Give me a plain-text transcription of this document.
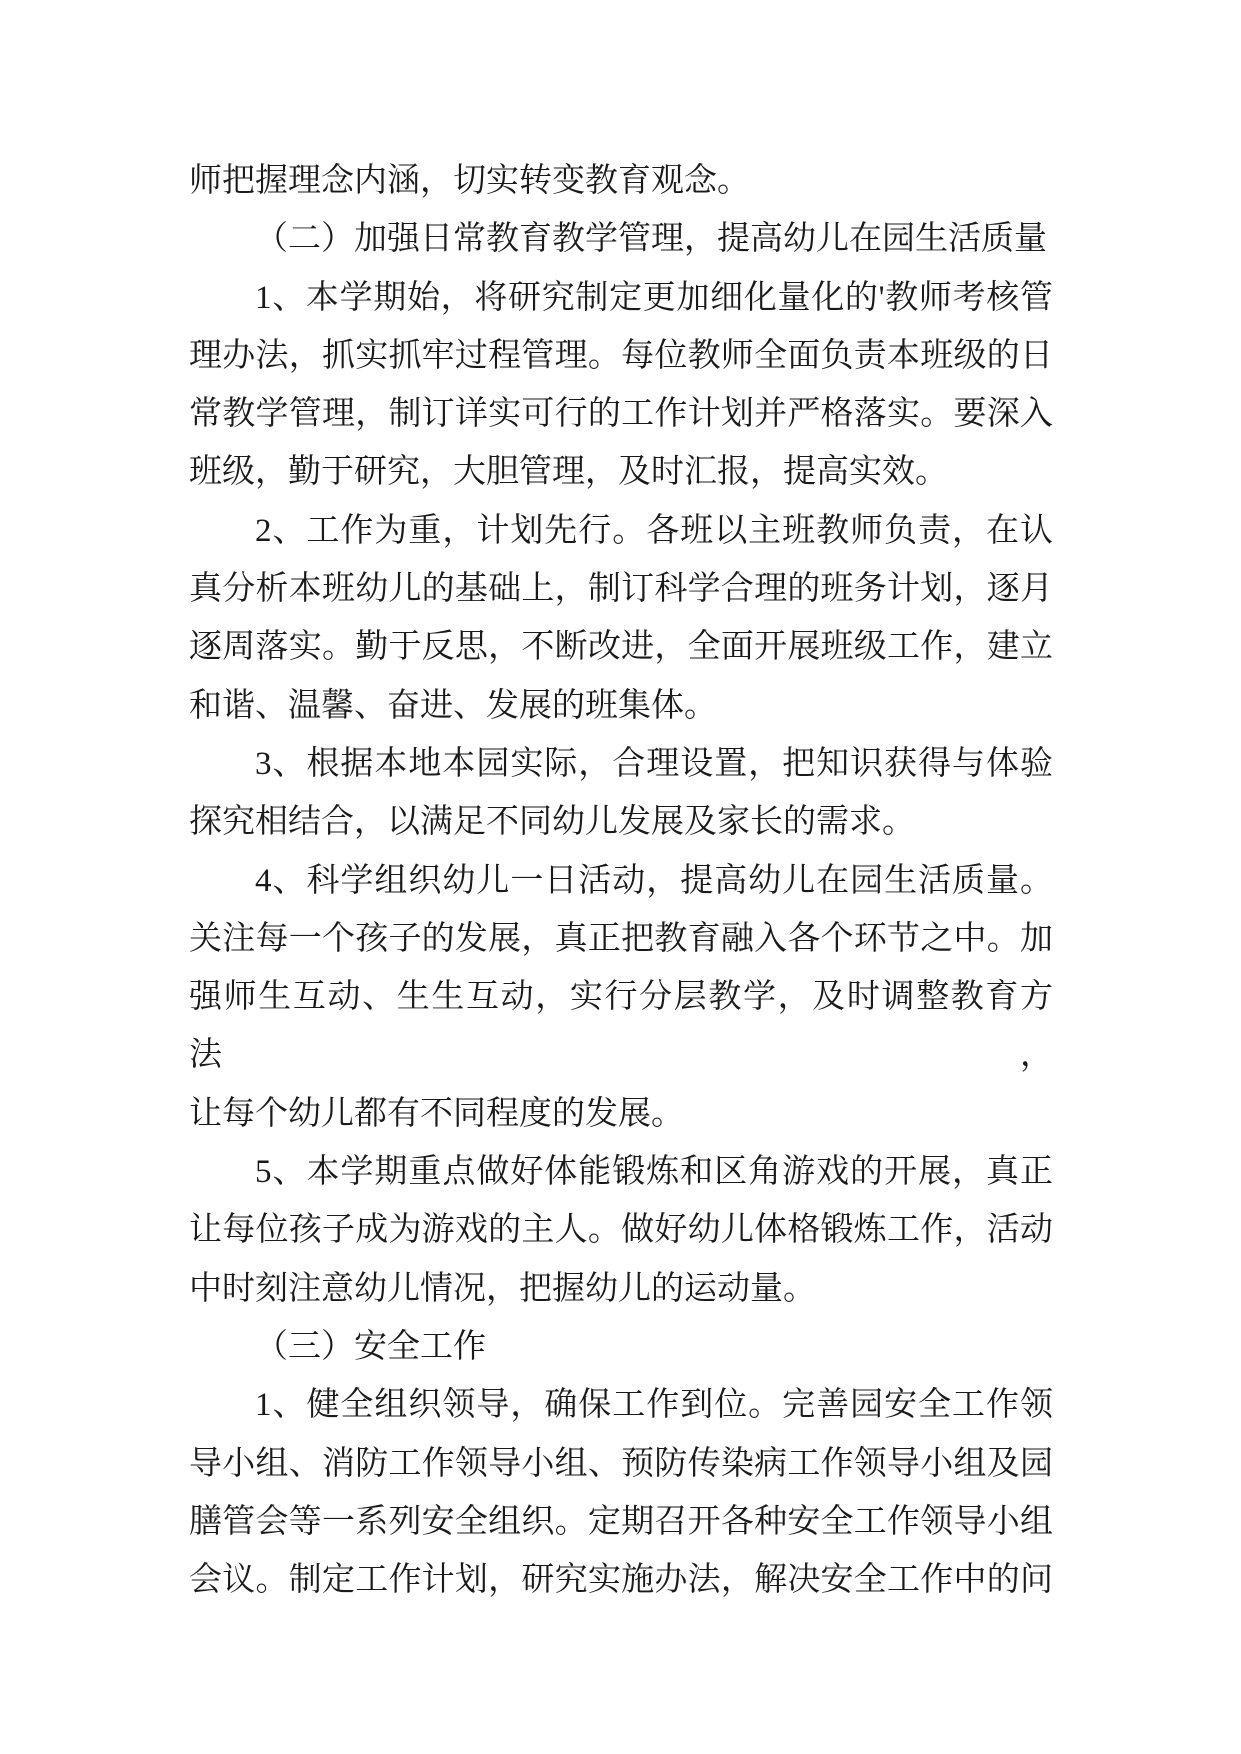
师把握理念内涵，切实转变教育观念。
（二）加强日常教育教学管理，提高幼儿在园生活质量
1、本学期始，将研究制定更加细化量化的'教师考核管
理办法，抓实抓牢过程管理。每位教师全面负责本班级的日
常教学管理，制订详实可行的工作计划并严格落实。要深入
班级，勤于研究，大胆管理，及时汇报，提高实效。
2、工作为重，计划先行。各班以主班教师负责，在认
真分析本班幼儿的基础上，制订科学合理的班务计划，逐月
逐周落实。勤于反思，不断改进，全面开展班级工作，建立
和谐、温馨、奋进、发展的班集体。
3、根据本地本园实际，合理设置，把知识获得与体验
探究相结合，以满足不同幼儿发展及家长的需求。
4、科学组织幼儿一日活动，提高幼儿在园生活质量。
关注每一个孩子的发展，真正把教育融入各个环节之中。加
强师生互动、生生互动，实行分层教学，及时调整教育方法，
让每个幼儿都有不同程度的发展。
5、本学期重点做好体能锻炼和区角游戏的开展，真正
让每位孩子成为游戏的主人。做好幼儿体格锻炼工作，活动
中时刻注意幼儿情况，把握幼儿的运动量。
（三）安全工作
1、健全组织领导，确保工作到位。完善园安全工作领
导小组、消防工作领导小组、预防传染病工作领导小组及园
膳管会等一系列安全组织。定期召开各种安全工作领导小组
会议。制定工作计划，研究实施办法，解决安全工作中的问
